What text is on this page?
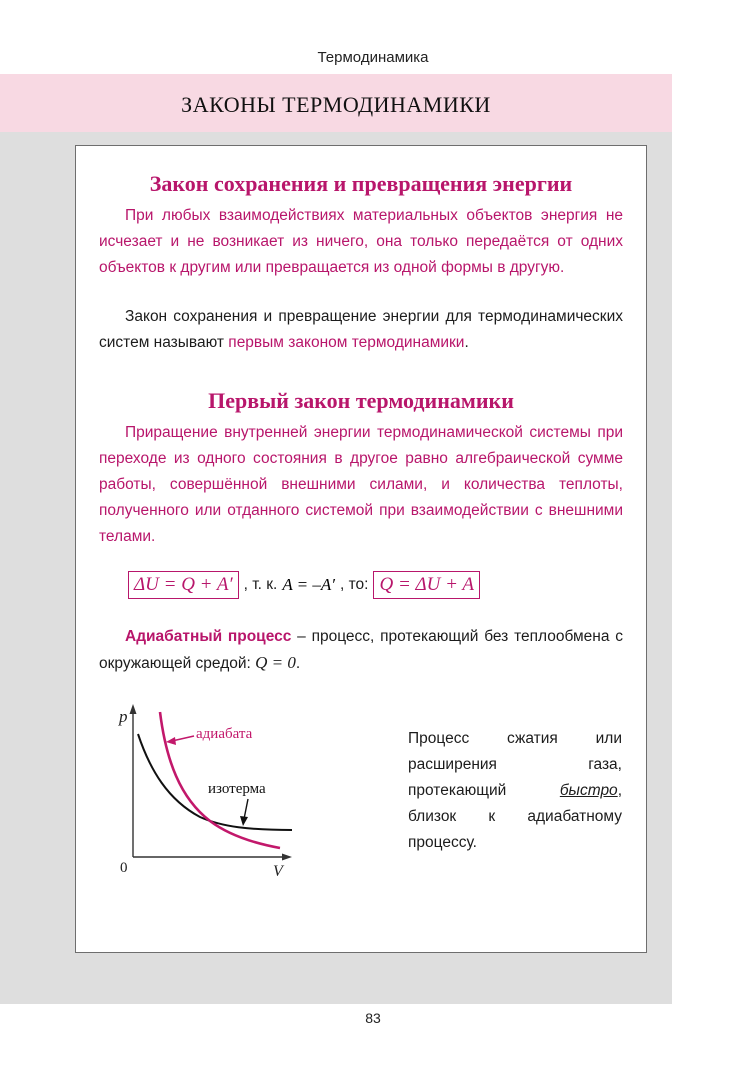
Термодинамика
ЗАКОНЫ ТЕРМОДИНАМИКИ
Закон сохранения и превращения энергии
При любых взаимодействиях материальных объектов энергия не исчезает и не возникает из ничего, она только передаётся от одних объектов к другим или превращается из одной формы в другую.
Закон сохранения и превращение энергии для термодинамических систем называют первым законом термодинамики.
Первый закон термодинамики
Приращение внутренней энергии термодинамической системы при переходе из одного состояния в другое равно алгебраической сумме работы, совершённой внешними силами, и количества теплоты, полученного или отданного системой при взаимодействии с внешними телами.
ΔU = Q + A′ , т. к. A = –A′ , то: Q = ΔU + A
Адиабатный процесс – процесс, протекающий без теплообмена с окружающей средой: Q = 0.
p
V
0
адиабата
изотерма
Процесс сжатия или расширения газа, протекающий быстро, близок к адиабатному процессу.
83
